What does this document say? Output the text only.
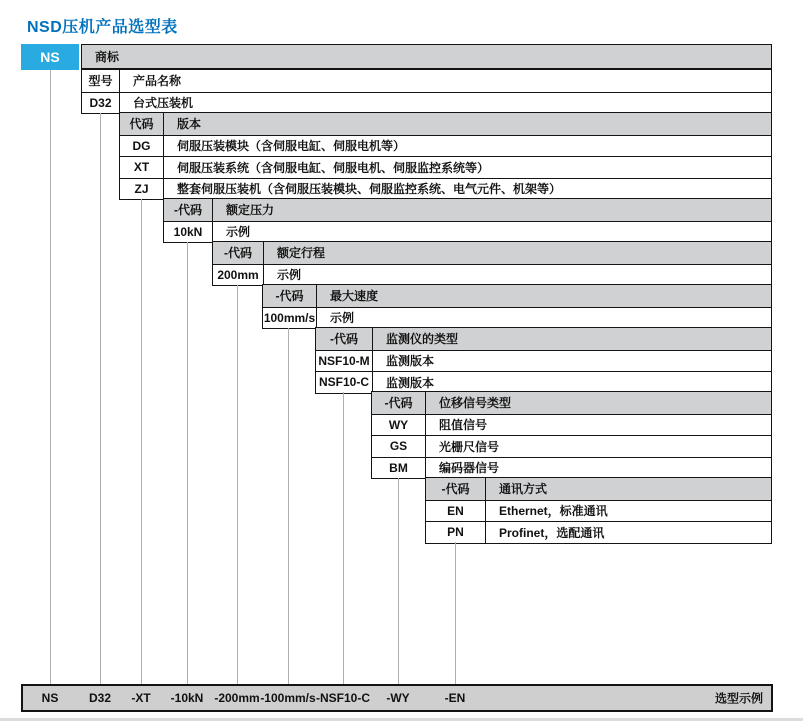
NSD压机产品选型表
NS	商标
型号	产品名称
D32	台式压装机
代码	版本
DG	伺服压装模块（含伺服电缸、伺服电机等）
XT	伺服压装系统（含伺服电缸、伺服电机、伺服监控系统等）
ZJ	整套伺服压装机（含伺服压装模块、伺服监控系统、电气元件、机架等）
-代码	额定压力
10kN	示例
-代码	额定行程
200mm	示例
-代码	最大速度
100mm/s	示例
-代码	监测仪的类型
NSF10-M	监测版本
NSF10-C	监测版本
-代码	位移信号类型
WY	阻值信号
GS	光栅尺信号
BM	编码器信号
-代码	通讯方式
EN	Ethernet，标准通讯
PN	Profinet，选配通讯
NS	D32 -XT -10kN -200mm -100mm/s -NSF10-C -WY	-EN	选型示例
